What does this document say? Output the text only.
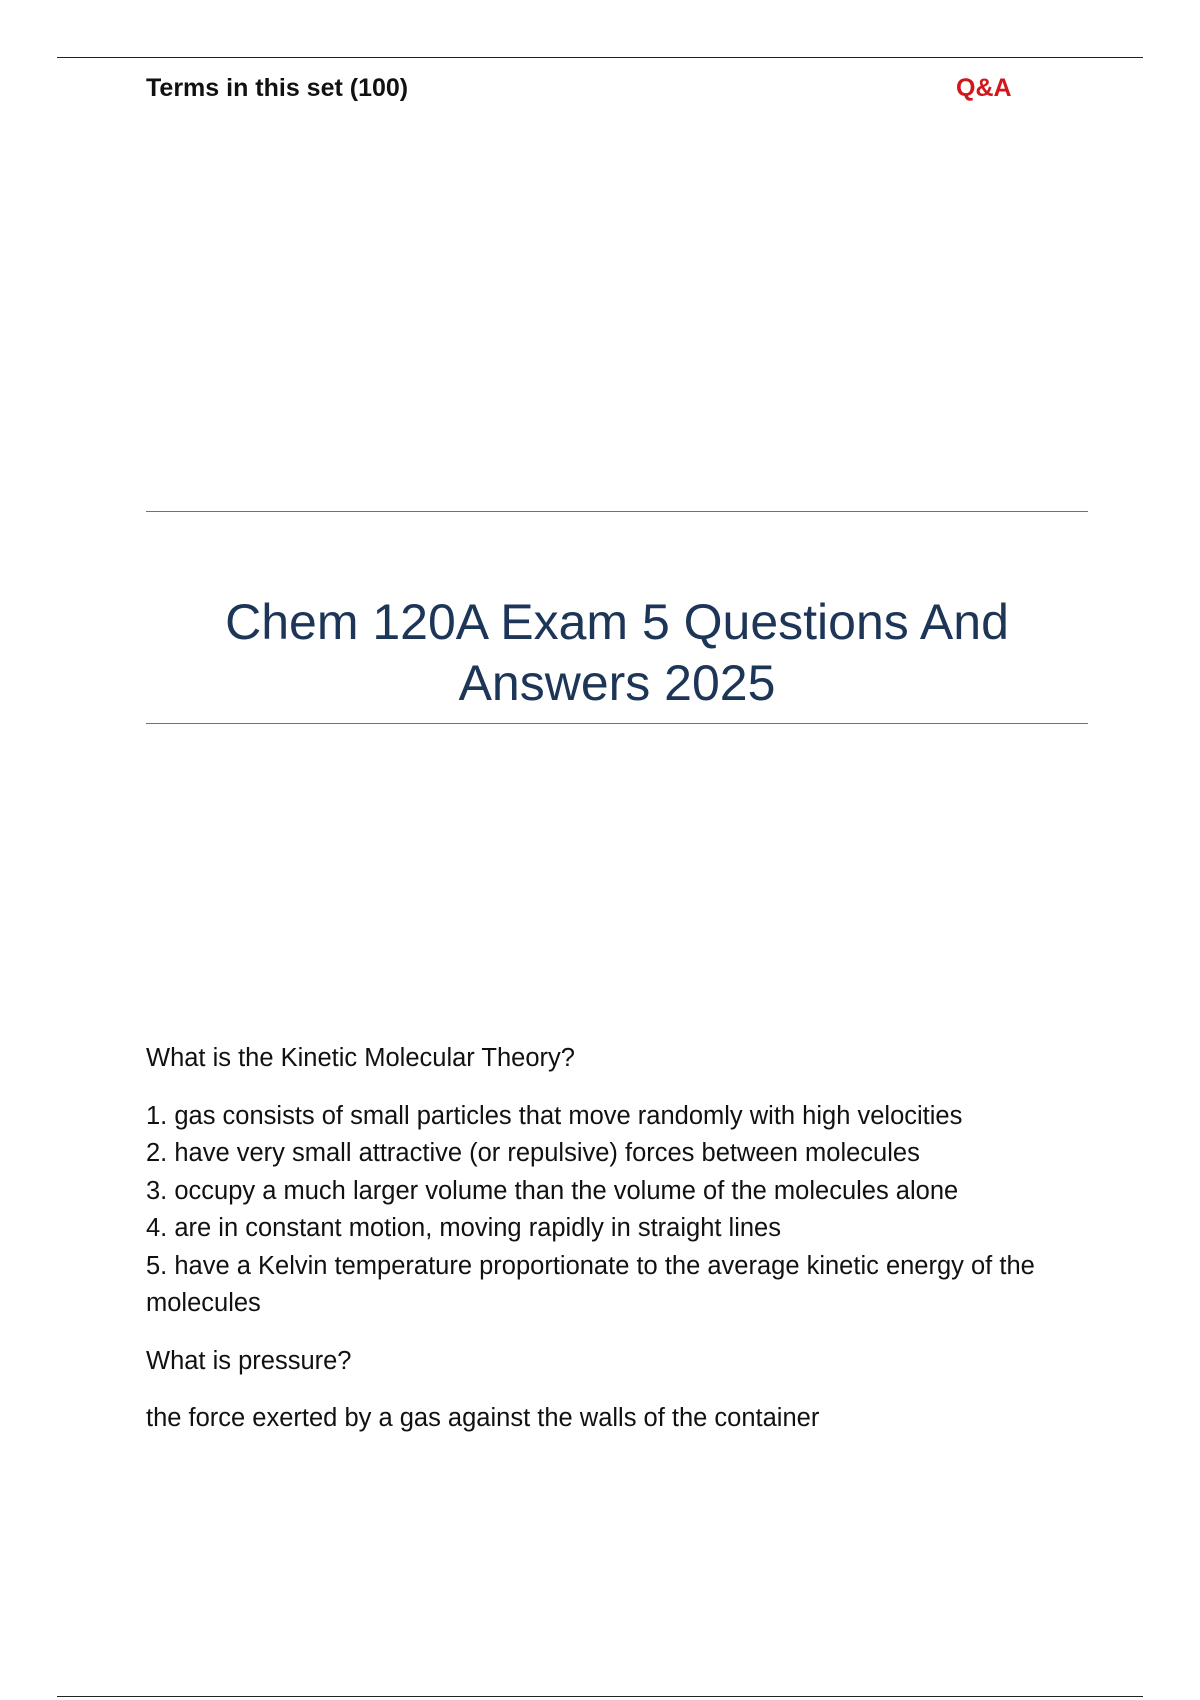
Terms in this set (100)	Q&A
Chem 120A Exam 5 Questions And
Answers 2025

What is the Kinetic Molecular Theory?

1. gas consists of small particles that move randomly with high velocities
2. have very small attractive (or repulsive) forces between molecules
3. occupy a much larger volume than the volume of the molecules alone
4. are in constant motion, moving rapidly in straight lines
5. have a Kelvin temperature proportionate to the average kinetic energy of the molecules

What is pressure?

the force exerted by a gas against the walls of the container
